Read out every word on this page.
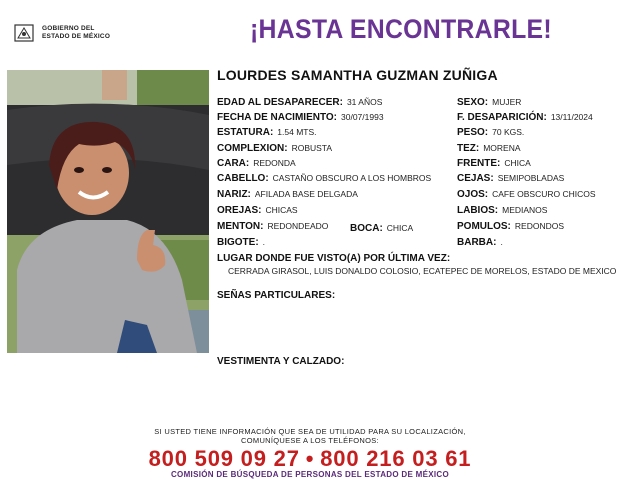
GOBIERNO DEL
ESTADO DE MÉXICO	¡HASTA ENCONTRARLE!
LOURDES SAMANTHA GUZMAN ZUÑIGA
EDAD AL DESAPARECER: 31 AÑOS
FECHA DE NACIMIENTO: 30/07/1993
ESTATURA: 1.54 MTS.
COMPLEXION: ROBUSTA
CARA: REDONDA
CABELLO: CASTAÑO OBSCURO A LOS HOMBROS
NARIZ: AFILADA BASE DELGADA
OREJAS: CHICAS
MENTON: REDONDEADO BOCA: CHICA
BIGOTE: .
SEXO: MUJER
F. DESAPARICIÓN: 13/11/2024
PESO: 70 KGS.
TEZ: MORENA
FRENTE: CHICA
CEJAS: SEMIPOBLADAS
OJOS: CAFE OBSCURO CHICOS
LABIOS: MEDIANOS
POMULOS: REDONDOS
BARBA: .
LUGAR DONDE FUE VISTO(A) POR ÚLTIMA VEZ:
CERRADA GIRASOL, LUIS DONALDO COLOSIO, ECATEPEC DE MORELOS, ESTADO DE MEXICO
SEÑAS PARTICULARES:
VESTIMENTA Y CALZADO:
SI USTED TIENE INFORMACIÓN QUE SEA DE UTILIDAD PARA SU LOCALIZACIÓN,
COMUNÍQUESE A LOS TELÉFONOS:
800 509 09 27 • 800 216 03 61
COMISIÓN DE BÚSQUEDA DE PERSONAS DEL ESTADO DE MÉXICO
